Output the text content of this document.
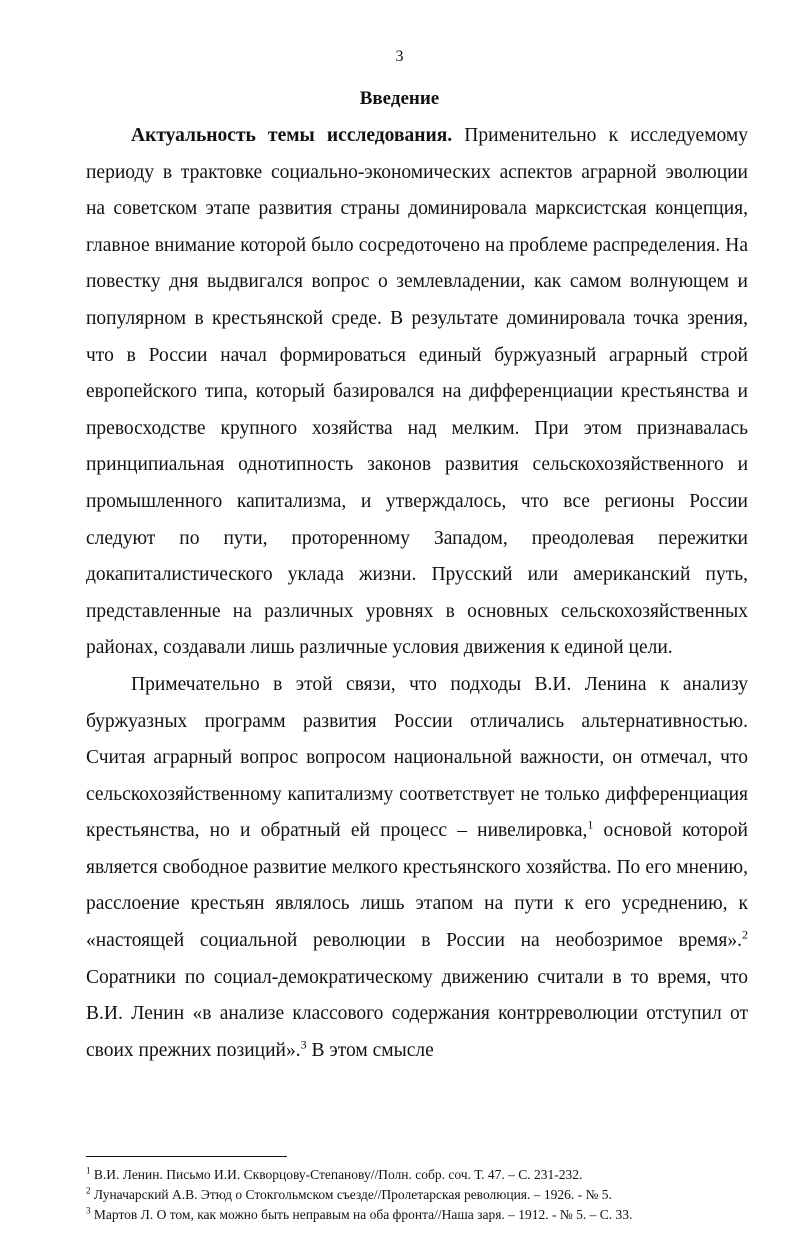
3
Введение

Актуальность темы исследования. Применительно к исследуемому периоду в трактовке социально-экономических аспектов аграрной эволюции на советском этапе развития страны доминировала марксистская концепция, главное внимание которой было сосредоточено на проблеме распределения. На повестку дня выдвигался вопрос о землевладении, как самом волнующем и популярном в крестьянской среде. В результате доминировала точка зрения, что в России начал формироваться единый буржуазный аграрный строй европейского типа, который базировался на дифференциации крестьянства и превосходстве крупного хозяйства над мелким. При этом признавалась принципиальная однотипность законов развития сельскохозяйственного и промышленного капитализма, и утверждалось, что все регионы России следуют по пути, проторенному Западом, преодолевая пережитки докапиталистического уклада жизни. Прусский или американский путь, представленные на различных уровнях в основных сельскохозяйственных районах, создавали лишь различные условия движения к единой цели.

Примечательно в этой связи, что подходы В.И. Ленина к анализу буржуазных программ развития России отличались альтернативностью. Считая аграрный вопрос вопросом национальной важности, он отмечал, что сельскохозяйственному капитализму соответствует не только дифференциация крестьянства, но и обратный ей процесс – нивелировка,$^1$ основой которой является свободное развитие мелкого крестьянского хозяйства. По его мнению, расслоение крестьян являлось лишь этапом на пути к его усреднению, к «настоящей социальной революции в России на необозримое время».$^2$ Соратники по социал-демократическому движению считали в то время, что В.И. Ленин «в анализе классового содержания контрреволюции отступил от своих прежних позиций».$^3$ В этом смысле

$^1$ В.И. Ленин. Письмо И.И. Скворцову-Степанову//Полн. собр. соч. Т. 47. – С. 231-232.

$^2$ Луначарский А.В. Этюд о Стокгольмском съезде//Пролетарская революция. – 1926. - № 5.

$^3$ Мартов Л. О том, как можно быть неправым на оба фронта//Наша заря. – 1912. - № 5. – С. 33.
